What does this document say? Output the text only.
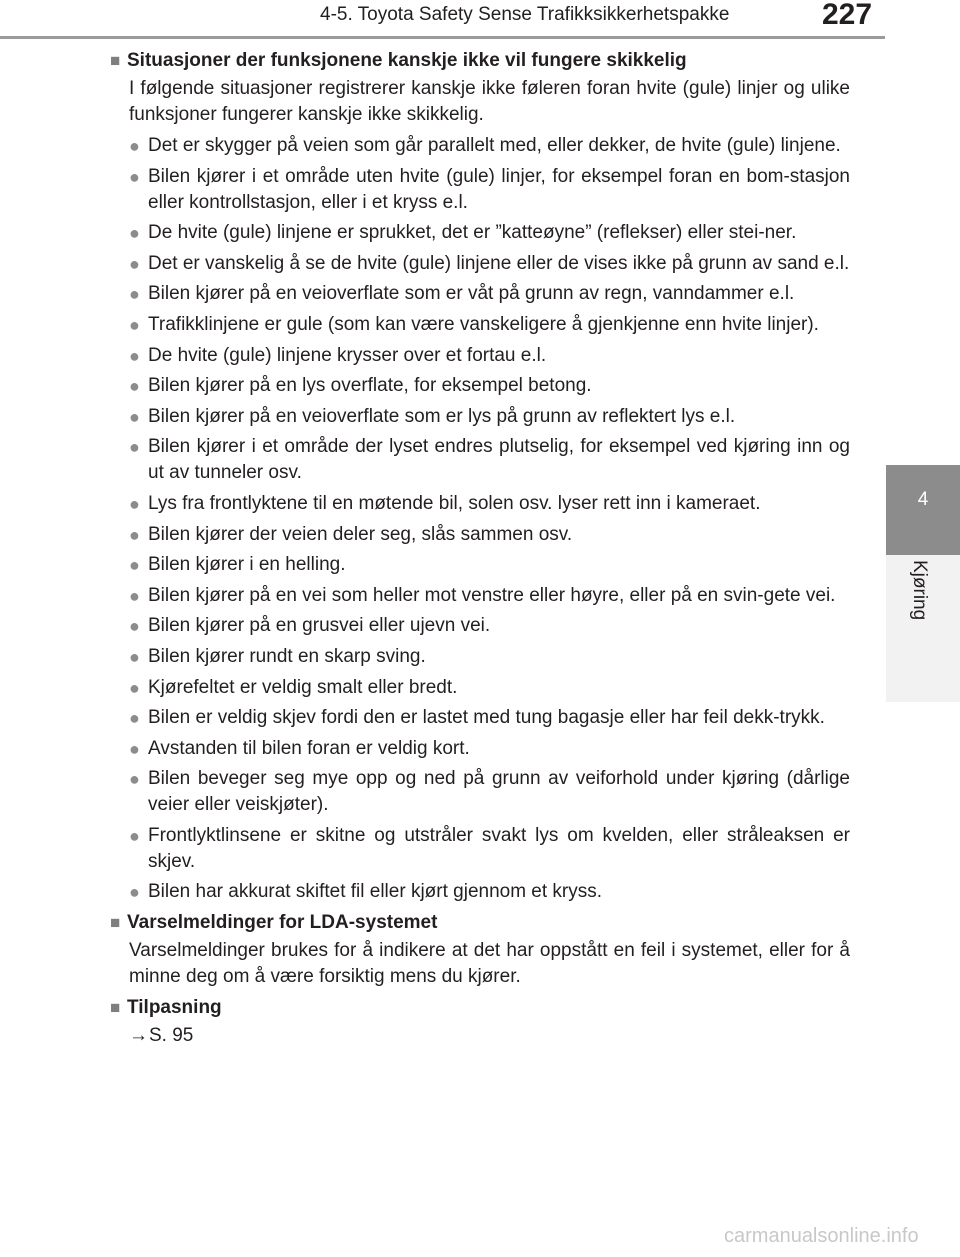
4-5. Toyota Safety Sense Trafikksikkerhetspakke	227
4
Kjøring
■ Situasjoner der funksjonene kanskje ikke vil fungere skikkelig

I følgende situasjoner registrerer kanskje ikke føleren foran hvite (gule) linjer og ulike funksjoner fungerer kanskje ikke skikkelig.

● Det er skygger på veien som går parallelt med, eller dekker, de hvite (gule) linjene.
● Bilen kjører i et område uten hvite (gule) linjer, for eksempel foran en bom-stasjon eller kontrollstasjon, eller i et kryss e.l.
● De hvite (gule) linjene er sprukket, det er ”katteøyne” (reflekser) eller stei-ner.
● Det er vanskelig å se de hvite (gule) linjene eller de vises ikke på grunn av sand e.l.
● Bilen kjører på en veioverflate som er våt på grunn av regn, vanndammer e.l.
● Trafikklinjene er gule (som kan være vanskeligere å gjenkjenne enn hvite linjer).
● De hvite (gule) linjene krysser over et fortau e.l.
● Bilen kjører på en lys overflate, for eksempel betong.
● Bilen kjører på en veioverflate som er lys på grunn av reflektert lys e.l.
● Bilen kjører i et område der lyset endres plutselig, for eksempel ved kjøring inn og ut av tunneler osv.
● Lys fra frontlyktene til en møtende bil, solen osv. lyser rett inn i kameraet.
● Bilen kjører der veien deler seg, slås sammen osv.
● Bilen kjører i en helling.
● Bilen kjører på en vei som heller mot venstre eller høyre, eller på en svin-gete vei.
● Bilen kjører på en grusvei eller ujevn vei.
● Bilen kjører rundt en skarp sving.
● Kjørefeltet er veldig smalt eller bredt.
● Bilen er veldig skjev fordi den er lastet med tung bagasje eller har feil dekk-trykk.
● Avstanden til bilen foran er veldig kort.
● Bilen beveger seg mye opp og ned på grunn av veiforhold under kjøring (dårlige veier eller veiskjøter).
● Frontlyktlinsene er skitne og utstråler svakt lys om kvelden, eller stråleaksen er skjev.
● Bilen har akkurat skiftet fil eller kjørt gjennom et kryss.
■ Varselmeldinger for LDA-systemet

Varselmeldinger brukes for å indikere at det har oppstått en feil i systemet, eller for å minne deg om å være forsiktig mens du kjører.

■ Tilpasning
→ S. 95
carmanualsonline.info
